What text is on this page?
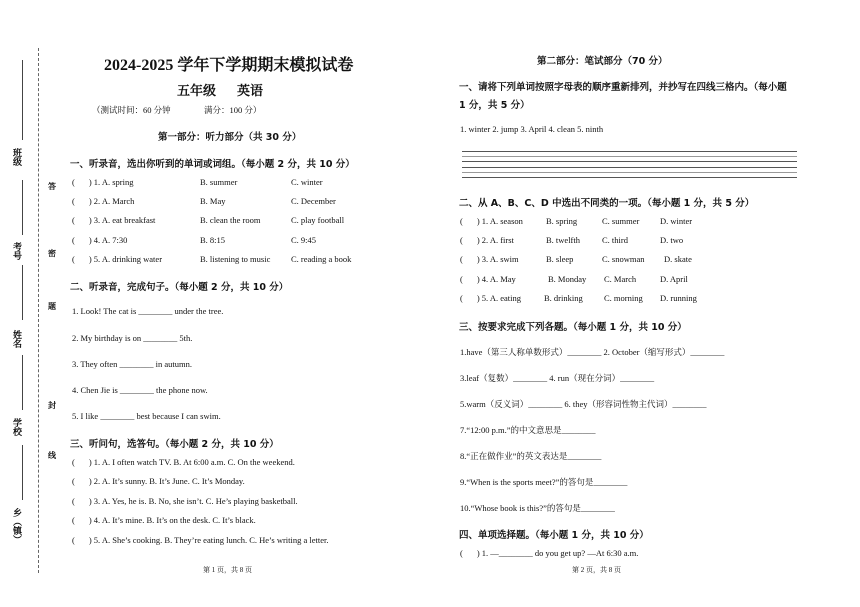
班级
考号
姓名
学校
乡（镇）
答
题
密
封
线
2024-2025 学年下学期期末模拟试卷
五年级 英语
（测试时间：60 分钟	满分：100 分）
第一部分：听力部分（共 30 分）
一、听录音，选出你听到的单词或词组。（每小题 2 分，共 10 分）
( ) 1. A. spring	B. summer	C. winter
( ) 2. A. March	B. May	C. December
( ) 3. A. eat breakfast	B. clean the room	C. play football
( ) 4. A. 7:30	B. 8:15	C. 9:45
( ) 5. A. drinking water	B. listening to music C. reading a book
二、听录音，完成句子。（每小题 2 分，共 10 分）
1. Look! The cat is ________ under the tree.
2. My birthday is on ________ 5th.
3. They often ________ in autumn.
4. Chen Jie is ________ the phone now.
5. I like ________ best because I can swim.
三、听问句，选答句。（每小题 2 分，共 10 分）
( ) 1. A. I often watch TV. B. At 6:00 a.m. C. On the weekend.
( ) 2. A. It’s sunny. B. It’s June. C. It’s Monday.
( ) 3. A. Yes, he is. B. No, she isn’t. C. He’s playing basketball.
( ) 4. A. It’s mine. B. It’s on the desk. C. It’s black.
( ) 5. A. She’s cooking. B. They’re eating lunch. C. He’s writing a letter.
第 1 页，共 8 页
第二部分：笔试部分（70 分）
一、请将下列单词按照字母表的顺序重新排列，并抄写在四线三格内。（每小题
1 分，共 5 分）
1. winter 2. jump 3. April 4. clean 5. ninth
二、从 A、B、C、D 中选出不同类的一项。（每小题 1 分，共 5 分）
( ) 1. A. season	B. spring	C. summer D. winter
( ) 2. A. first	B. twelfth	C. third	D. two
( ) 3. A. swim	B. sleep	C. snowman D. skate
( ) 4. A. May	B. Monday C. March	D. April
( ) 5. A. eating	B. drinking	C. morning D. running
三、按要求完成下列各题。（每小题 1 分，共 10 分）
1.have（第三人称单数形式）________ 2. October（缩写形式）________
3.leaf（复数）________ 4. run（现在分词）________
5.warm（反义词）________ 6. they（形容词性物主代词）________
7.“12:00 p.m.”的中文意思是________
8.“正在做作业”的英文表达是________
9.“When is the sports meet?”的答句是________
10.“Whose book is this?”的答句是________
四、单项选择题。（每小题 1 分，共 10 分）
( ) 1. —________ do you get up? —At 6:30 a.m.
第 2 页，共 8 页
